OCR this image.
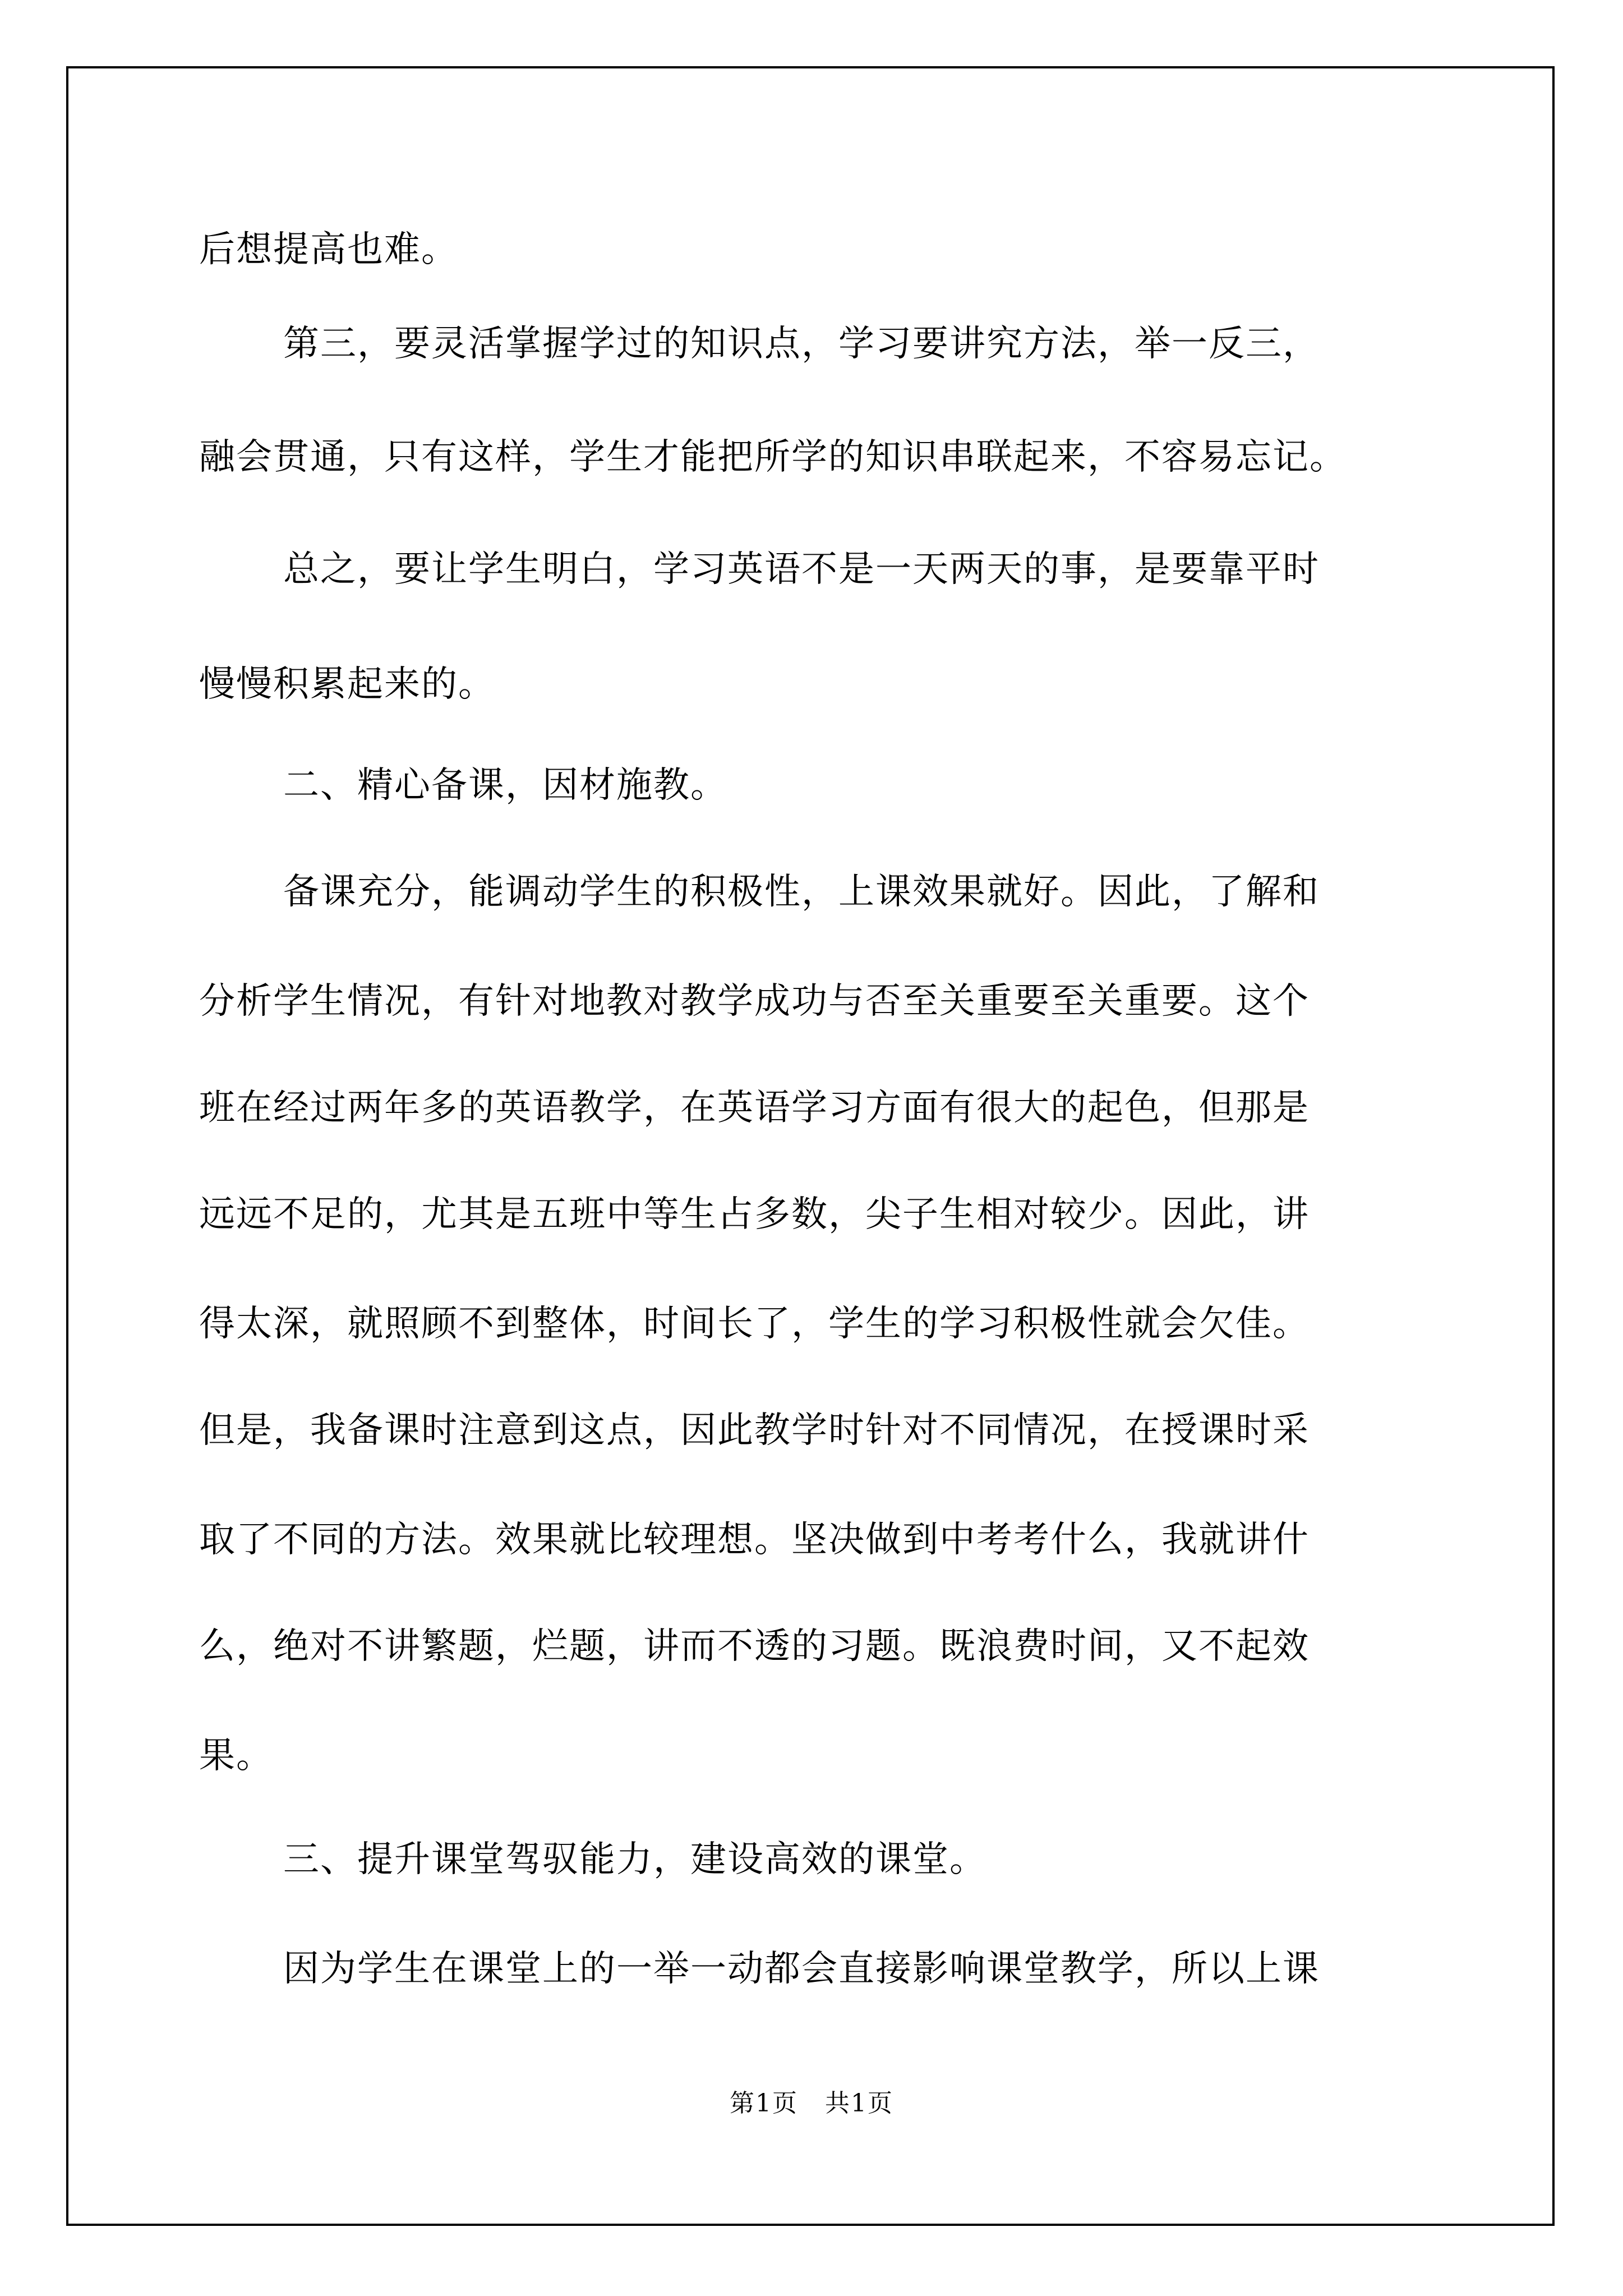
后想提高也难。
第三，要灵活掌握学过的知识点，学习要讲究方法，举一反三，
融会贯通，只有这样，学生才能把所学的知识串联起来，不容易忘记。
总之，要让学生明白，学习英语不是一天两天的事，是要靠平时
慢慢积累起来的。
二、精心备课，因材施教。
备课充分，能调动学生的积极性，上课效果就好。因此，了解和
分析学生情况，有针对地教对教学成功与否至关重要至关重要。这个
班在经过两年多的英语教学，在英语学习方面有很大的起色，但那是
远远不足的，尤其是五班中等生占多数，尖子生相对较少。因此，讲
得太深，就照顾不到整体，时间长了，学生的学习积极性就会欠佳。
但是，我备课时注意到这点，因此教学时针对不同情况，在授课时采
取了不同的方法。效果就比较理想。坚决做到中考考什么，我就讲什
么，绝对不讲繁题，烂题，讲而不透的习题。既浪费时间，又不起效
果。
三、提升课堂驾驭能力，建设高效的课堂。
因为学生在课堂上的一举一动都会直接影响课堂教学，所以上课
第1页 共1页
